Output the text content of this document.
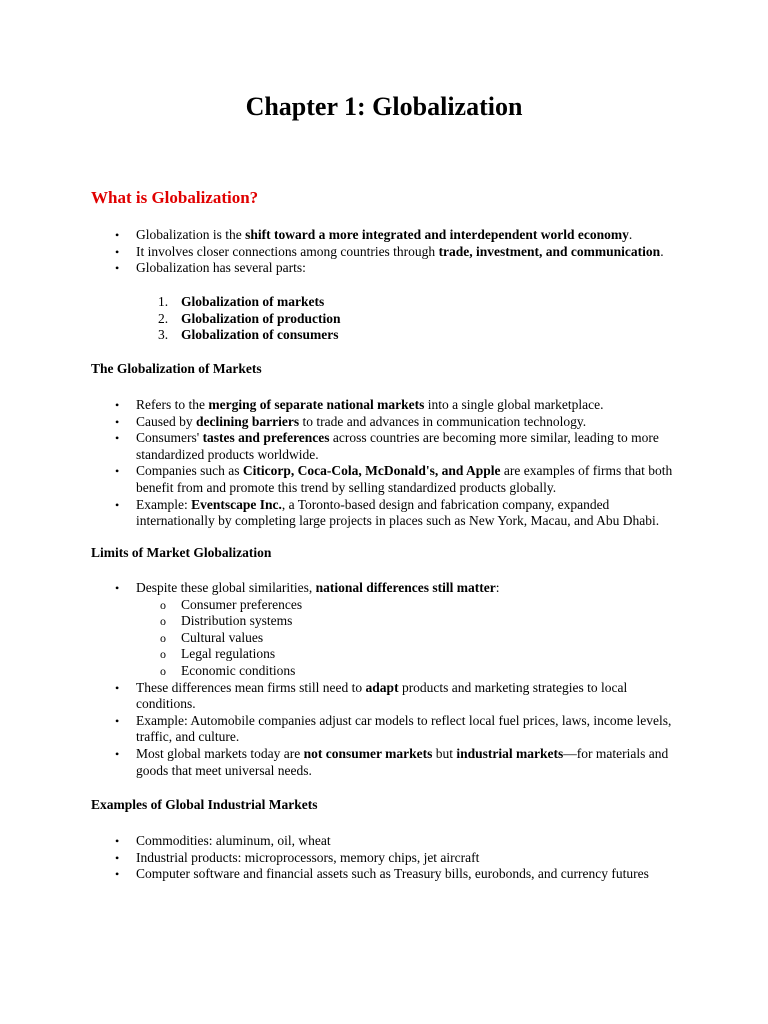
Chapter 1: Globalization
What is Globalization?
• Globalization is the shift toward a more integrated and interdependent world economy.
• It involves closer connections among countries through trade, investment, and communication.
• Globalization has several parts:
1. Globalization of markets
2. Globalization of production
3. Globalization of consumers
The Globalization of Markets
• Refers to the merging of separate national markets into a single global marketplace.
• Caused by declining barriers to trade and advances in communication technology.
• Consumers' tastes and preferences across countries are becoming more similar, leading to more standardized products worldwide.
• Companies such as Citicorp, Coca-Cola, McDonald's, and Apple are examples of firms that both benefit from and promote this trend by selling standardized products globally.
• Example: Eventscape Inc., a Toronto-based design and fabrication company, expanded internationally by completing large projects in places such as New York, Macau, and Abu Dhabi.
Limits of Market Globalization
• Despite these global similarities, national differences still matter:
o Consumer preferences
o Distribution systems
o Cultural values
o Legal regulations
o Economic conditions
• These differences mean firms still need to adapt products and marketing strategies to local conditions.
• Example: Automobile companies adjust car models to reflect local fuel prices, laws, income levels, traffic, and culture.
• Most global markets today are not consumer markets but industrial markets—for materials and goods that meet universal needs.
Examples of Global Industrial Markets
• Commodities: aluminum, oil, wheat
• Industrial products: microprocessors, memory chips, jet aircraft
• Computer software and financial assets such as Treasury bills, eurobonds, and currency futures
